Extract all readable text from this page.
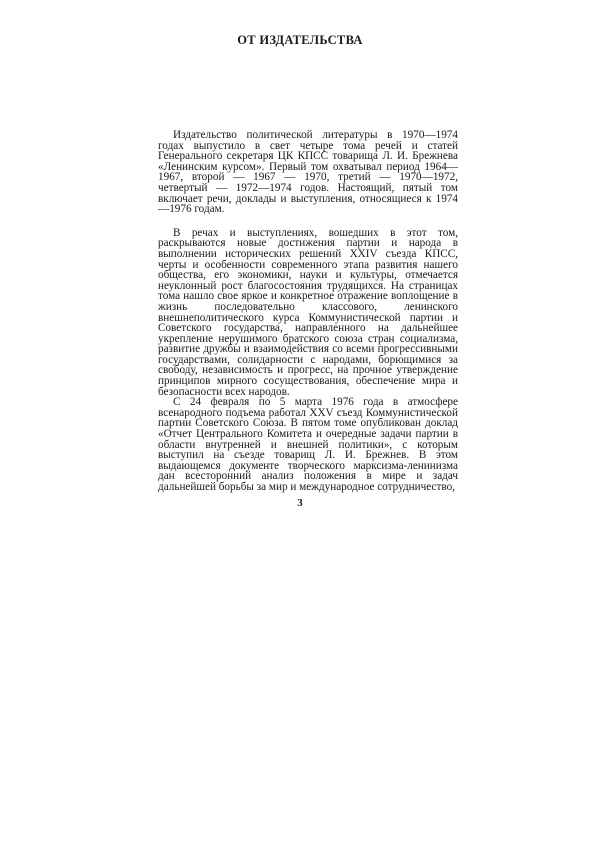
ОТ ИЗДАТЕЛЬСТВА

Издательство политической литературы в 1970—1974 годах выпустило в свет четыре тома речей и статей Генерального секретаря ЦК КПСС товарища Л. И. Брежнева «Ленинским курсом». Первый том охватывал период 1964—1967, второй — 1967 — 1970, третий — 1970—1972, четвертый — 1972—1974 годов. Настоящий, пятый том включает речи, доклады и выступления, относящиеся к 1974—1976 годам.

В речах и выступлениях, вошедших в этот том, раскрываются новые достижения партии и народа в выполнении исторических решений XXIV съезда КПСС, черты и особенности современного этапа развития нашего общества, его экономики, науки и культуры, отмечается неуклонный рост благосостояния трудящихся. На страницах тома нашло свое яркое и конкретное отражение воплощение в жизнь последовательно классового, ленинского внешнеполитического курса Коммунистической партии и Советского государства, направленного на дальнейшее укрепление нерушимого братского союза стран социализма, развитие дружбы и взаимодействия со всеми прогрессивными государствами, солидарности с народами, борющимися за свободу, независимость и прогресс, на прочное утверждение принципов мирного сосуществования, обеспечение мира и безопасности всех народов.

С 24 февраля по 5 марта 1976 года в атмосфере всенародного подъема работал XXV съезд Коммунистической партии Советского Союза. В пятом томе опубликован доклад «Отчет Центрального Комитета и очередные задачи партии в области внутренней и внешней политики», с которым выступил на съезде товарищ Л. И. Брежнев. В этом выдающемся документе творческого марксизма-ленинизма дан всесторонний анализ положения в мире и задач дальнейшей борьбы за мир и международное сотрудничество,

3
